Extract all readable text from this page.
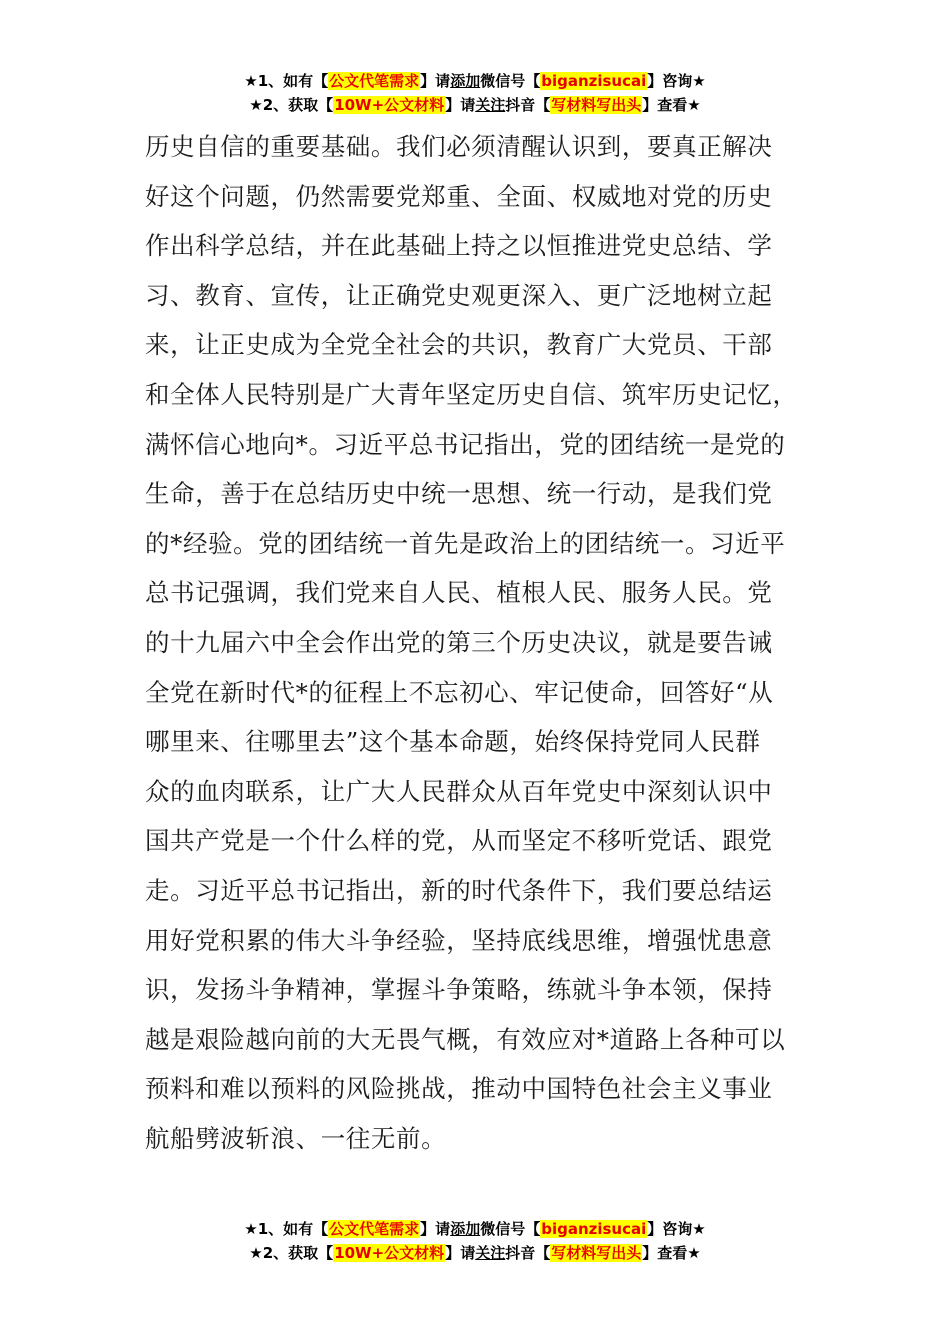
★1、如有【公文代笔需求】请添加微信号【biganzisucai】咨询★
★2、获取【10W+公文材料】请关注抖音【写材料写出头】查看★
历史自信的重要基础。我们必须清醒认识到，要真正解决
好这个问题，仍然需要党郑重、全面、权威地对党的历史
作出科学总结，并在此基础上持之以恒推进党史总结、学
习、教育、宣传，让正确党史观更深入、更广泛地树立起
来，让正史成为全党全社会的共识，教育广大党员、干部
和全体人民特别是广大青年坚定历史自信、筑牢历史记忆，
满怀信心地向*。习近平总书记指出，党的团结统一是党的
生命，善于在总结历史中统一思想、统一行动，是我们党
的*经验。党的团结统一首先是政治上的团结统一。习近平
总书记强调，我们党来自人民、植根人民、服务人民。党
的十九届六中全会作出党的第三个历史决议，就是要告诫
全党在新时代*的征程上不忘初心、牢记使命，回答好“从
哪里来、往哪里去”这个基本命题，始终保持党同人民群
众的血肉联系，让广大人民群众从百年党史中深刻认识中
国共产党是一个什么样的党，从而坚定不移听党话、跟党
走。习近平总书记指出，新的时代条件下，我们要总结运
用好党积累的伟大斗争经验，坚持底线思维，增强忧患意
识，发扬斗争精神，掌握斗争策略，练就斗争本领，保持
越是艰险越向前的大无畏气概，有效应对*道路上各种可以
预料和难以预料的风险挑战，推动中国特色社会主义事业
航船劈波斩浪、一往无前。
★1、如有【公文代笔需求】请添加微信号【biganzisucai】咨询★
★2、获取【10W+公文材料】请关注抖音【写材料写出头】查看★
